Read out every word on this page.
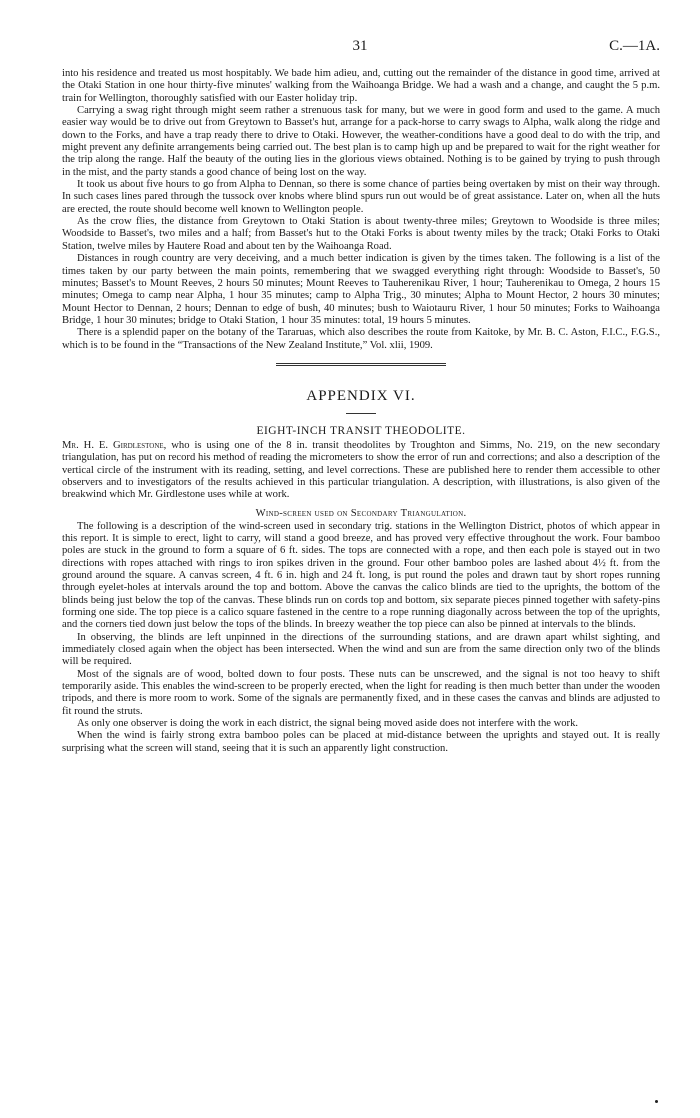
31	C.—1A.

into his residence and treated us most hospitably. We bade him adieu, and, cutting out the remainder of the distance in good time, arrived at the Otaki Station in one hour thirty-five minutes' walking from the Waihoanga Bridge. We had a wash and a change, and caught the 5 p.m. train for Wellington, thoroughly satisfied with our Easter holiday trip.

Carrying a swag right through might seem rather a strenuous task for many, but we were in good form and used to the game. A much easier way would be to drive out from Greytown to Basset's hut, arrange for a pack-horse to carry swags to Alpha, walk along the ridge and down to the Forks, and have a trap ready there to drive to Otaki. However, the weather-conditions have a good deal to do with the trip, and might prevent any definite arrangements being carried out. The best plan is to camp high up and be prepared to wait for the right weather for the trip along the range. Half the beauty of the outing lies in the glorious views obtained. Nothing is to be gained by trying to push through in the mist, and the party stands a good chance of being lost on the way.

It took us about five hours to go from Alpha to Dennan, so there is some chance of parties being overtaken by mist on their way through. In such cases lines pared through the tussock over knobs where blind spurs run out would be of great assistance. Later on, when all the huts are erected, the route should become well known to Wellington people.

As the crow flies, the distance from Greytown to Otaki Station is about twenty-three miles; Greytown to Woodside is three miles; Woodside to Basset's, two miles and a half; from Basset's hut to the Otaki Forks is about twenty miles by the track; Otaki Forks to Otaki Station, twelve miles by Hautere Road and about ten by the Waihoanga Road.

Distances in rough country are very deceiving, and a much better indication is given by the times taken. The following is a list of the times taken by our party between the main points, remembering that we swagged everything right through: Woodside to Basset's, 50 minutes; Basset's to Mount Reeves, 2 hours 50 minutes; Mount Reeves to Tauherenikau River, 1 hour; Tauherenikau to Omega, 2 hours 15 minutes; Omega to camp near Alpha, 1 hour 35 minutes; camp to Alpha Trig., 30 minutes; Alpha to Mount Hector, 2 hours 30 minutes; Mount Hector to Dennan, 2 hours; Dennan to edge of bush, 40 minutes; bush to Waiotauru River, 1 hour 50 minutes; Forks to Waihoanga Bridge, 1 hour 30 minutes; bridge to Otaki Station, 1 hour 35 minutes: total, 19 hours 5 minutes.

There is a splendid paper on the botany of the Tararuas, which also describes the route from Kaitoke, by Mr. B. C. Aston, F.I.C., F.G.S., which is to be found in the “Transactions of the New Zealand Institute,” Vol. xlii, 1909.

APPENDIX VI.
EIGHT-INCH TRANSIT THEODOLITE.

Mr. H. E. Girdlestone, who is using one of the 8 in. transit theodolites by Troughton and Simms, No. 219, on the new secondary triangulation, has put on record his method of reading the micrometers to show the error of run and corrections; and also a description of the vertical circle of the instrument with its reading, setting, and level corrections. These are published here to render them accessible to other observers and to investigators of the results achieved in this particular triangulation. A description, with illustrations, is also given of the breakwind which Mr. Girdlestone uses while at work.

Wind-screen used on Secondary Triangulation.

The following is a description of the wind-screen used in secondary trig. stations in the Wellington District, photos of which appear in this report. It is simple to erect, light to carry, will stand a good breeze, and has proved very effective throughout the work. Four bamboo poles are stuck in the ground to form a square of 6 ft. sides. The tops are connected with a rope, and then each pole is stayed out in two directions with ropes attached with rings to iron spikes driven in the ground. Four other bamboo poles are lashed about 4½ ft. from the ground around the square. A canvas screen, 4 ft. 6 in. high and 24 ft. long, is put round the poles and drawn taut by short ropes running through eyelet-holes at intervals around the top and bottom. Above the canvas the calico blinds are tied to the uprights, the bottom of the blinds being just below the top of the canvas. These blinds run on cords top and bottom, six separate pieces pinned together with safety-pins forming one side. The top piece is a calico square fastened in the centre to a rope running diagonally across between the top of the uprights, and the corners tied down just below the tops of the blinds. In breezy weather the top piece can also be pinned at intervals to the blinds.

In observing, the blinds are left unpinned in the directions of the surrounding stations, and are drawn apart whilst sighting, and immediately closed again when the object has been intersected. When the wind and sun are from the same direction only two of the blinds will be required.

Most of the signals are of wood, bolted down to four posts. These nuts can be unscrewed, and the signal is not too heavy to shift temporarily aside. This enables the wind-screen to be properly erected, when the light for reading is then much better than under the wooden tripods, and there is more room to work. Some of the signals are permanently fixed, and in these cases the canvas and blinds are adjusted to fit round the struts.

As only one observer is doing the work in each district, the signal being moved aside does not interfere with the work.

When the wind is fairly strong extra bamboo poles can be placed at mid-distance between the uprights and stayed out. It is really surprising what the screen will stand, seeing that it is such an apparently light construction.
